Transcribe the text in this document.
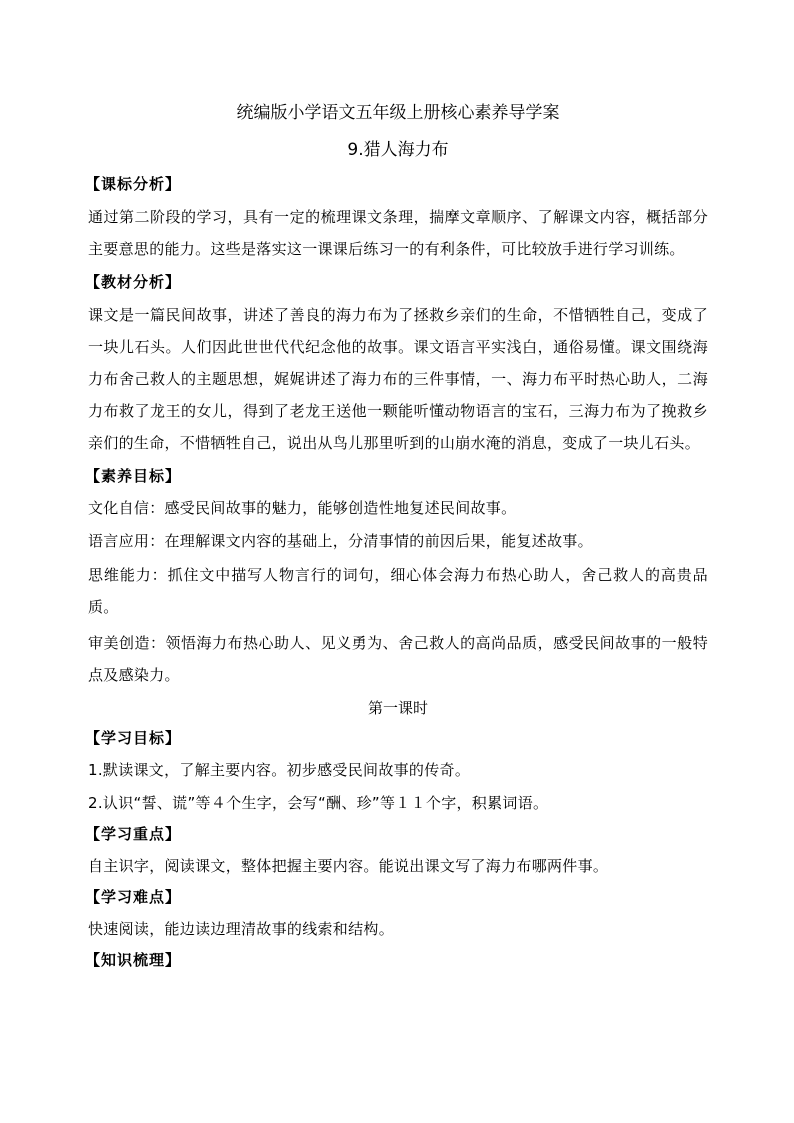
统编版小学语文五年级上册核心素养导学案
9.猎人海力布
【课标分析】
通过第二阶段的学习，具有一定的梳理课文条理，揣摩文章顺序、了解课文内容，概括部分主要意思的能力。这些是落实这一课课后练习一的有利条件，可比较放手进行学习训练。
【教材分析】
课文是一篇民间故事，讲述了善良的海力布为了拯救乡亲们的生命，不惜牺牲自己，变成了一块儿石头。人们因此世世代代纪念他的故事。课文语言平实浅白，通俗易懂。课文围绕海力布舍己救人的主题思想，娓娓讲述了海力布的三件事情，一、海力布平时热心助人，二海力布救了龙王的女儿，得到了老龙王送他一颗能听懂动物语言的宝石，三海力布为了挽救乡亲们的生命，不惜牺牲自己，说出从鸟儿那里听到的山崩水淹的消息，变成了一块儿石头。
【素养目标】
文化自信：感受民间故事的魅力，能够创造性地复述民间故事。
语言应用：在理解课文内容的基础上，分清事情的前因后果，能复述故事。
思维能力：抓住文中描写人物言行的词句，细心体会海力布热心助人，舍己救人的高贵品质。
审美创造：领悟海力布热心助人、见义勇为、舍己救人的高尚品质，感受民间故事的一般特点及感染力。
第一课时
【学习目标】
1.默读课文，了解主要内容。初步感受民间故事的传奇。
2.认识“誓、谎”等４个生字，会写“酬、珍”等１１个字，积累词语。
【学习重点】
自主识字，阅读课文，整体把握主要内容。能说出课文写了海力布哪两件事。
【学习难点】
快速阅读，能边读边理清故事的线索和结构。
【知识梳理】
